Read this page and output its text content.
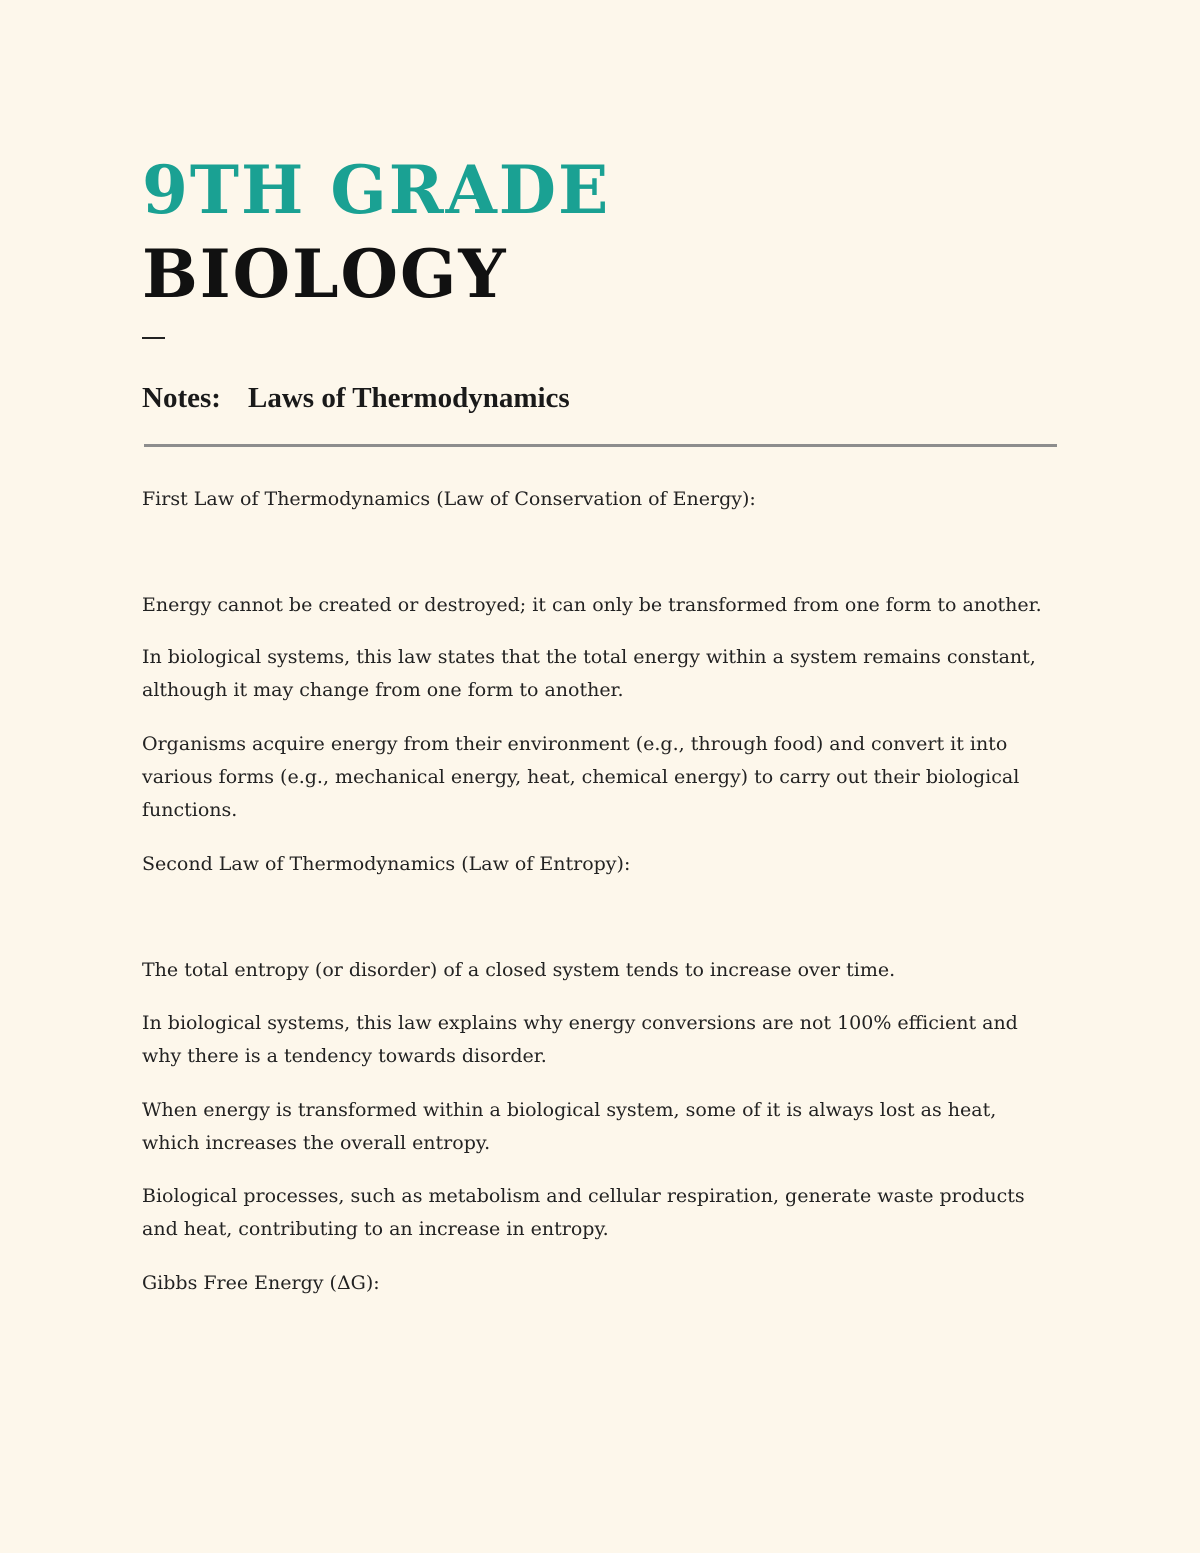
9TH GRADE
BIOLOGY
Notes: Laws of Thermodynamics

First Law of Thermodynamics (Law of Conservation of Energy):

Energy cannot be created or destroyed; it can only be transformed from one form to another.

In biological systems, this law states that the total energy within a system remains constant, although it may change from one form to another.

Organisms acquire energy from their environment (e.g., through food) and convert it into various forms (e.g., mechanical energy, heat, chemical energy) to carry out their biological functions.

Second Law of Thermodynamics (Law of Entropy):

The total entropy (or disorder) of a closed system tends to increase over time.

In biological systems, this law explains why energy conversions are not 100% efficient and why there is a tendency towards disorder.

When energy is transformed within a biological system, some of it is always lost as heat, which increases the overall entropy.

Biological processes, such as metabolism and cellular respiration, generate waste products and heat, contributing to an increase in entropy.

Gibbs Free Energy (ΔG):
